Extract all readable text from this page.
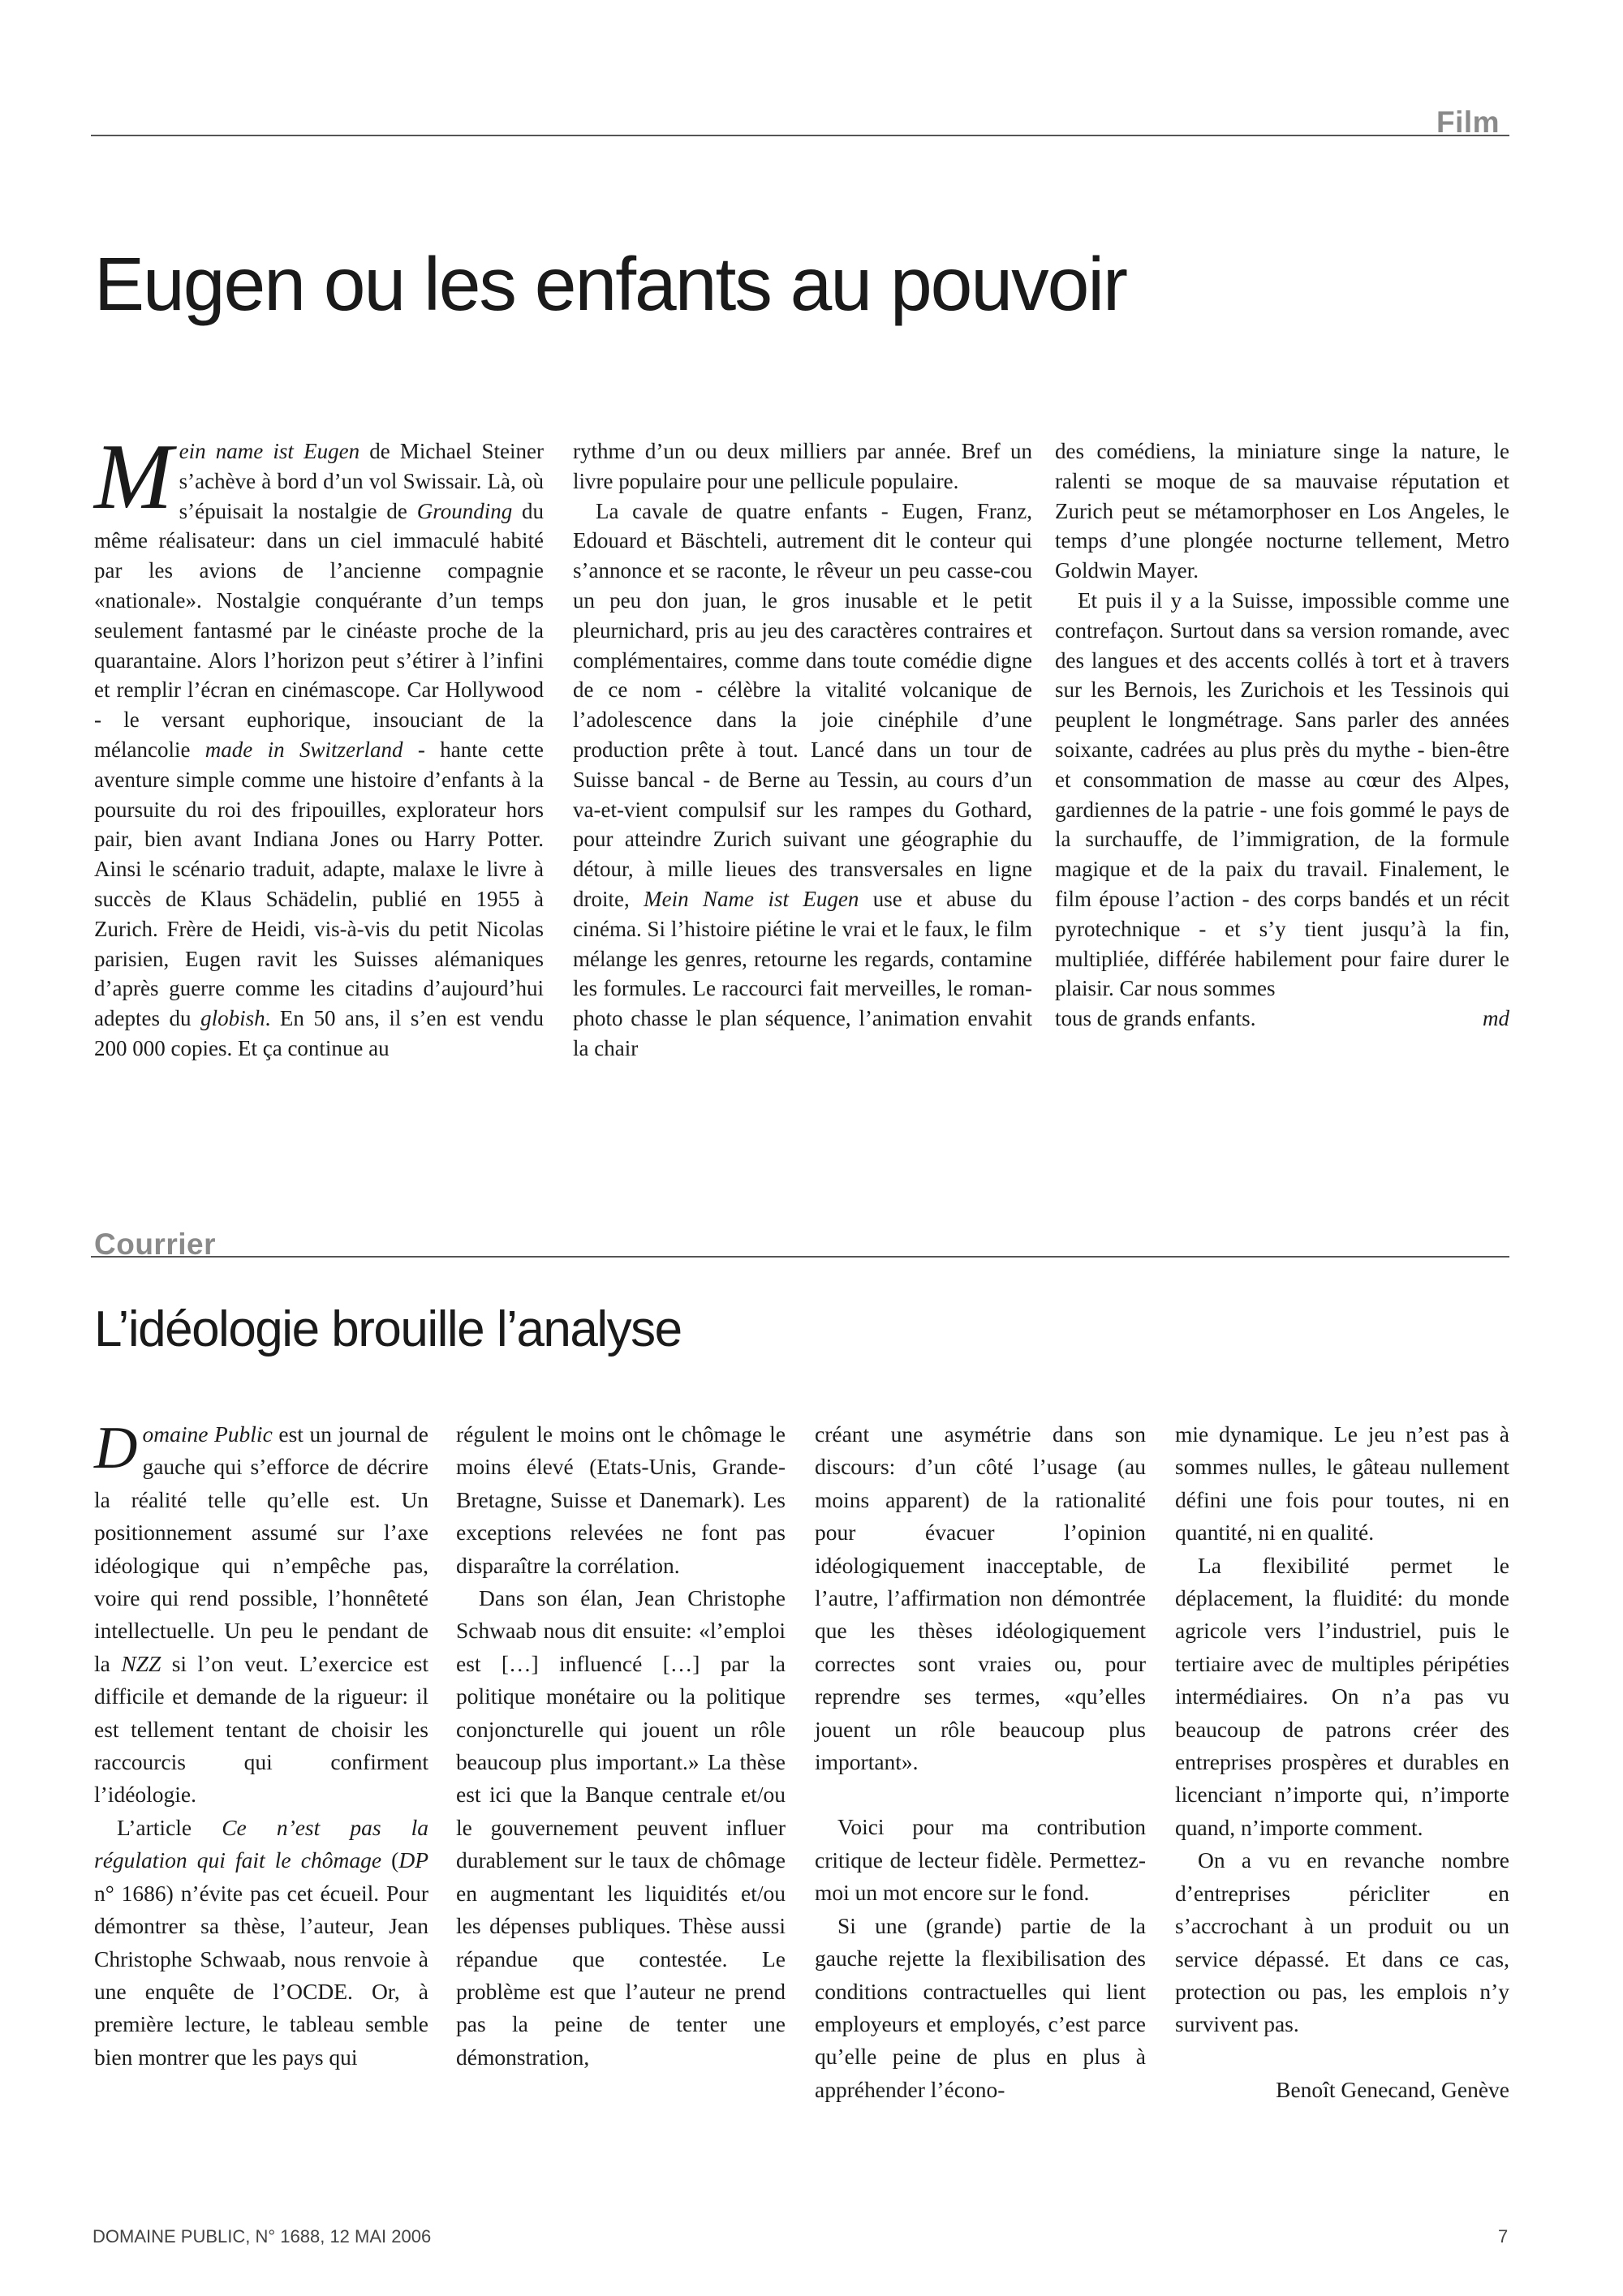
Film
Eugen ou les enfants au pouvoir

Mein name ist Eugen de Michael Steiner s’achève à bord d’un vol Swissair. Là, où s’épuisait la nostalgie de Grounding du même réalisateur: dans un ciel immaculé habité par les avions de l’ancienne compagnie «nationale». Nostalgie conquérante d’un temps seulement fantasmé par le cinéaste proche de la quarantaine. Alors l’horizon peut s’étirer à l’infini et remplir l’écran en cinémascope. Car Hollywood - le versant euphorique, insouciant de la mélancolie made in Switzerland - hante cette aventure simple comme une histoire d’enfants à la poursuite du roi des fripouilles, explorateur hors pair, bien avant Indiana Jones ou Harry Potter. Ainsi le scénario traduit, adapte, malaxe le livre à succès de Klaus Schädelin, publié en 1955 à Zurich. Frère de Heidi, vis-à-vis du petit Nicolas parisien, Eugen ravit les Suisses alémaniques d’après guerre comme les citadins d’aujourd’hui adeptes du globish. En 50 ans, il s’en est vendu 200 000 copies. Et ça continue au

rythme d’un ou deux milliers par année. Bref un livre populaire pour une pellicule populaire.

La cavale de quatre enfants - Eugen, Franz, Edouard et Bäschteli, autrement dit le conteur qui s’annonce et se raconte, le rêveur un peu casse-cou un peu don juan, le gros inusable et le petit pleurnichard, pris au jeu des caractères contraires et complémentaires, comme dans toute comédie digne de ce nom - célèbre la vitalité volcanique de l’adolescence dans la joie cinéphile d’une production prête à tout. Lancé dans un tour de Suisse bancal - de Berne au Tessin, au cours d’un va-et-vient compulsif sur les rampes du Gothard, pour atteindre Zurich suivant une géographie du détour, à mille lieues des transversales en ligne droite, Mein Name ist Eugen use et abuse du cinéma. Si l’histoire piétine le vrai et le faux, le film mélange les genres, retourne les regards, contamine les formules. Le raccourci fait merveilles, le roman-photo chasse le plan séquence, l’animation envahit la chair

des comédiens, la miniature singe la nature, le ralenti se moque de sa mauvaise réputation et Zurich peut se métamorphoser en Los Angeles, le temps d’une plongée nocturne tellement, Metro Goldwin Mayer.

Et puis il y a la Suisse, impossible comme une contrefaçon. Surtout dans sa version romande, avec des langues et des accents collés à tort et à travers sur les Bernois, les Zurichois et les Tessinois qui peuplent le longmétrage. Sans parler des années soixante, cadrées au plus près du mythe - bien-être et consommation de masse au cœur des Alpes, gardiennes de la patrie - une fois gommé le pays de la surchauffe, de l’immigration, de la formule magique et de la paix du travail. Finalement, le film épouse l’action - des corps bandés et un récit pyrotechnique - et s’y tient jusqu’à la fin, multipliée, différée habilement pour faire durer le plaisir. Car nous sommes

tous de grands enfants.	md

Courrier
L’idéologie brouille l’analyse

Domaine Public est un journal de gauche qui s’efforce de décrire la réalité telle qu’elle est. Un positionnement assumé sur l’axe idéologique qui n’empêche pas, voire qui rend possible, l’honnêteté intellectuelle. Un peu le pendant de la NZZ si l’on veut. L’exercice est difficile et demande de la rigueur: il est tellement tentant de choisir les raccourcis qui confirment l’idéologie.

L’article Ce n’est pas la régulation qui fait le chômage (DP n° 1686) n’évite pas cet écueil. Pour démontrer sa thèse, l’auteur, Jean Christophe Schwaab, nous renvoie à une enquête de l’OCDE. Or, à première lecture, le tableau semble bien montrer que les pays qui

régulent le moins ont le chômage le moins élevé (Etats-Unis, Grande-Bretagne, Suisse et Danemark). Les exceptions relevées ne font pas disparaître la corrélation.

Dans son élan, Jean Christophe Schwaab nous dit ensuite: «l’emploi est […] influencé […] par la politique monétaire ou la politique conjoncturelle qui jouent un rôle beaucoup plus important.» La thèse est ici que la Banque centrale et/ou le gouvernement peuvent influer durablement sur le taux de chômage en augmentant les liquidités et/ou les dépenses publiques. Thèse aussi répandue que contestée. Le problème est que l’auteur ne prend pas la peine de tenter une démonstration,

créant une asymétrie dans son discours: d’un côté l’usage (au moins apparent) de la rationalité pour évacuer l’opinion idéologiquement inacceptable, de l’autre, l’affirmation non démontrée que les thèses idéologiquement correctes sont vraies ou, pour reprendre ses termes, «qu’elles jouent un rôle beaucoup plus important».

Voici pour ma contribution critique de lecteur fidèle. Permettez-moi un mot encore sur le fond.

Si une (grande) partie de la gauche rejette la flexibilisation des conditions contractuelles qui lient employeurs et employés, c’est parce qu’elle peine de plus en plus à appréhender l’écono-

mie dynamique. Le jeu n’est pas à sommes nulles, le gâteau nullement défini une fois pour toutes, ni en quantité, ni en qualité.

La flexibilité permet le déplacement, la fluidité: du monde agricole vers l’industriel, puis le tertiaire avec de multiples péripéties intermédiaires. On n’a pas vu beaucoup de patrons créer des entreprises prospères et durables en licenciant n’importe qui, n’importe quand, n’importe comment.

On a vu en revanche nombre d’entreprises péricliter en s’accrochant à un produit ou un service dépassé. Et dans ce cas, protection ou pas, les emplois n’y survivent pas.

Benoît Genecand, Genève

DOMAINE PUBLIC, N° 1688, 12 MAI 2006	7
